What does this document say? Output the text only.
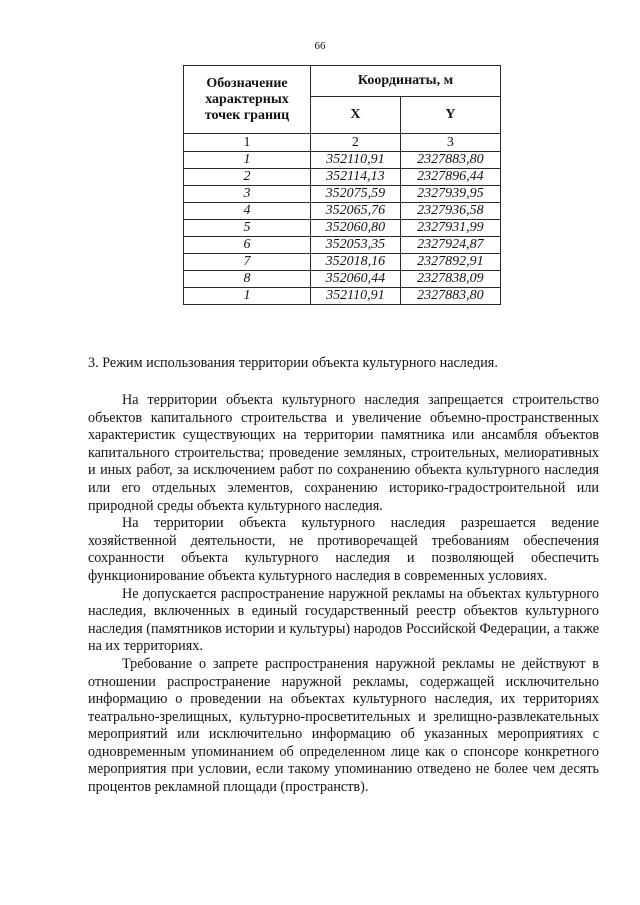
66
Обозначение характерных точек границ	Координаты, м	
	X	Y
1	2	3
1	352110,91	2327883,80
2	352114,13	2327896,44
3	352075,59	2327939,95
4	352065,76	2327936,58
5	352060,80	2327931,99
6	352053,35	2327924,87
7	352018,16	2327892,91
8	352060,44	2327838,09
1	352110,91	2327883,80
3. Режим использования территории объекта культурного наследия.

На территории объекта культурного наследия запрещается строительство объектов капитального строительства и увеличение объемно-пространственных характеристик существующих на территории памятника или ансамбля объектов капитального строительства; проведение земляных, строительных, мелиоративных и иных работ, за исключением работ по сохранению объекта культурного наследия или его отдельных элементов, сохранению историко-градостроительной или природной среды объекта культурного наследия.

На территории объекта культурного наследия разрешается ведение хозяйственной деятельности, не противоречащей требованиям обеспечения сохранности объекта культурного наследия и позволяющей обеспечить функционирование объекта культурного наследия в современных условиях.

Не допускается распространение наружной рекламы на объектах культурного наследия, включенных в единый государственный реестр объектов культурного наследия (памятников истории и культуры) народов Российской Федерации, а также на их территориях.

Требование о запрете распространения наружной рекламы не действуют в отношении распространение наружной рекламы, содержащей исключительно информацию о проведении на объектах культурного наследия, их территориях театрально-зрелищных, культурно-просветительных и зрелищно-развлекательных мероприятий или исключительно информацию об указанных мероприятиях с одновременным упоминанием об определенном лице как о спонсоре конкретного мероприятия при условии, если такому упоминанию отведено не более чем десять процентов рекламной площади (пространств).
